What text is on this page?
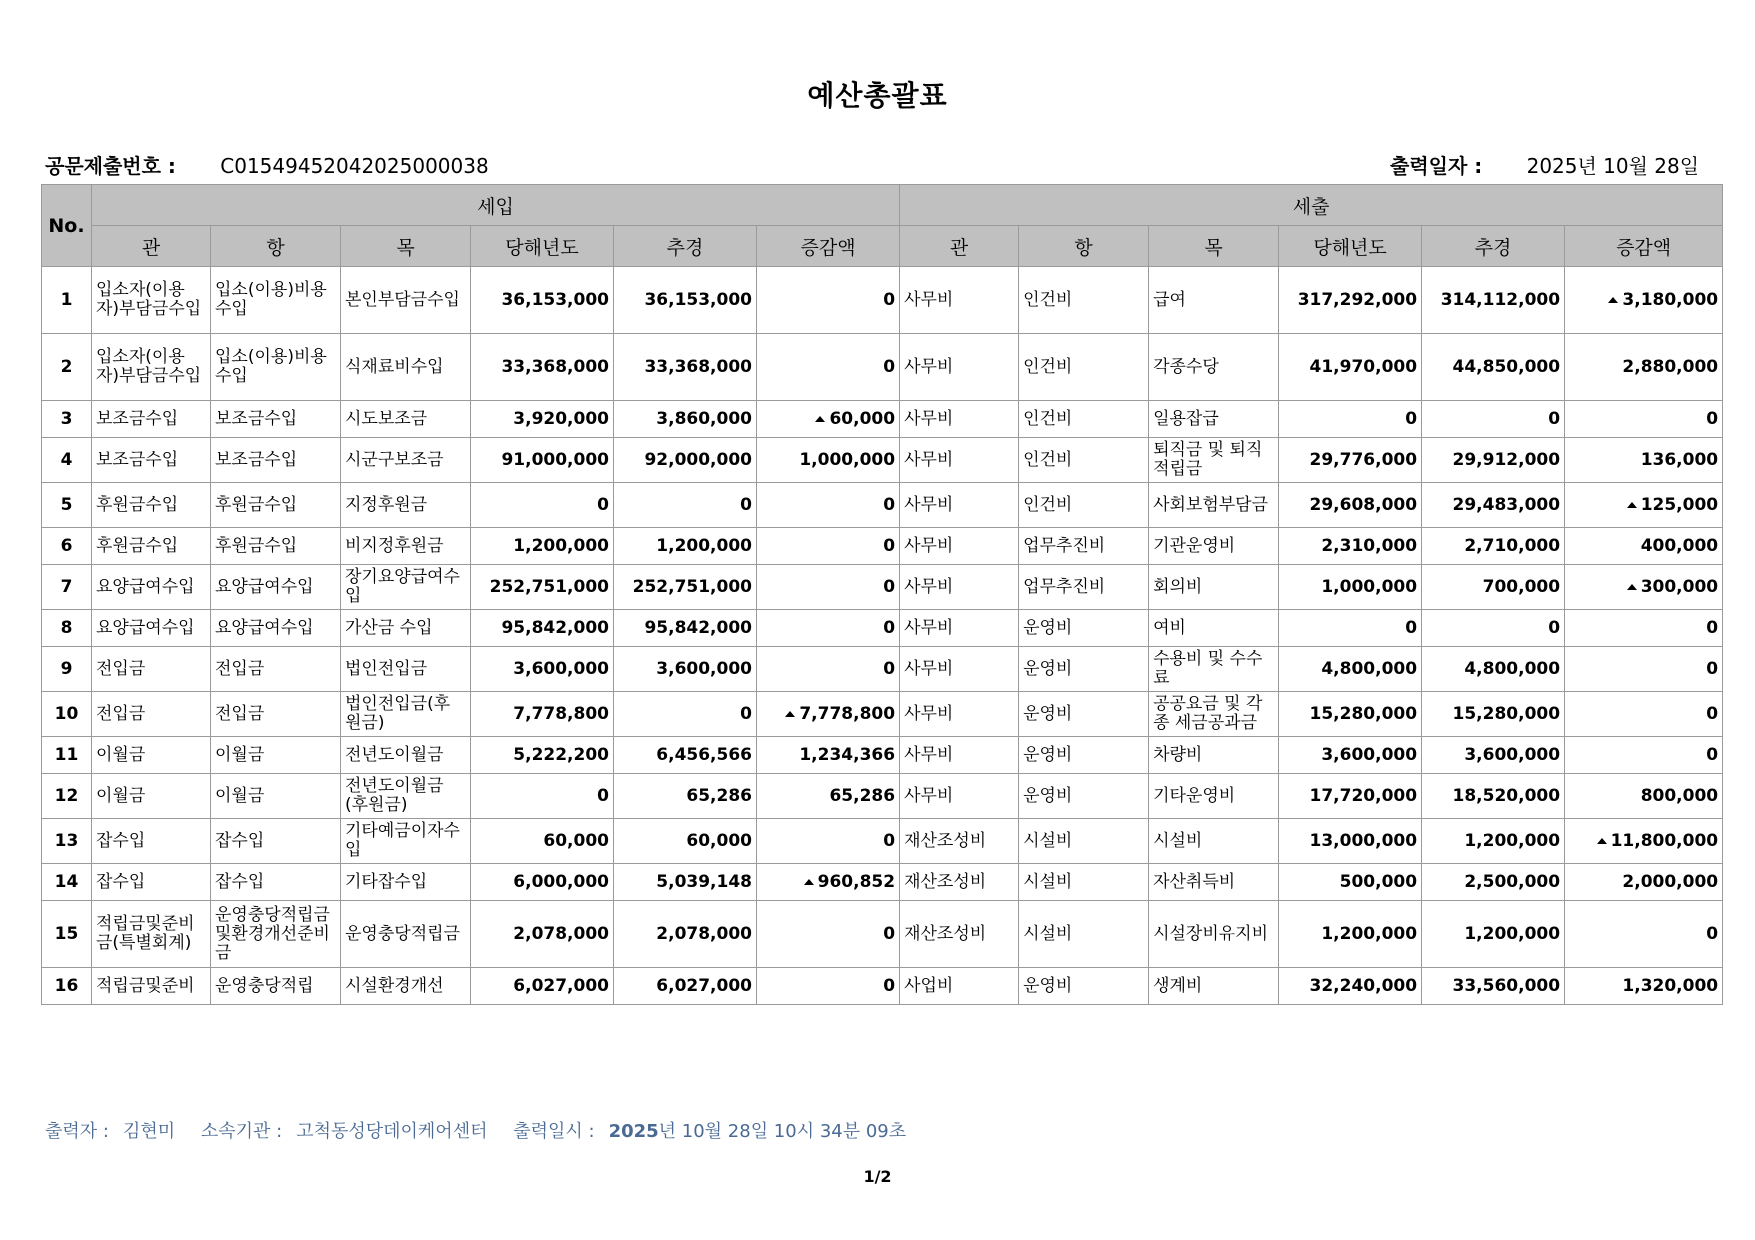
예산총괄표
공문제출번호 : C01549452042025000038	출력일자 : 2025년 10월 28일
No.	세입						세출					
	관	항	목	당해년도	추경	증감액	관	항	목	당해년도	추경	증감액
1	입소자(이용자)부담금수입	입소(이용)비용수입	본인부담금수입	36,153,000	36,153,000	0	사무비	인건비	급여	317,292,000	314,112,000	3,180,000
2	입소자(이용자)부담금수입	입소(이용)비용수입	식재료비수입	33,368,000	33,368,000	0	사무비	인건비	각종수당	41,970,000	44,850,000	2,880,000
3	보조금수입	보조금수입	시도보조금	3,920,000	3,860,000	60,000	사무비	인건비	일용잡급	0	0	0
4	보조금수입	보조금수입	시군구보조금	91,000,000	92,000,000	1,000,000	사무비	인건비	퇴직금 및 퇴직적립금	29,776,000	29,912,000	136,000
5	후원금수입	후원금수입	지정후원금	0	0	0	사무비	인건비	사회보험부담금	29,608,000	29,483,000	125,000
6	후원금수입	후원금수입	비지정후원금	1,200,000	1,200,000	0	사무비	업무추진비	기관운영비	2,310,000	2,710,000	400,000
7	요양급여수입	요양급여수입	장기요양급여수입	252,751,000	252,751,000	0	사무비	업무추진비	회의비	1,000,000	700,000	300,000
8	요양급여수입	요양급여수입	가산금 수입	95,842,000	95,842,000	0	사무비	운영비	여비	0	0	0
9	전입금	전입금	법인전입금	3,600,000	3,600,000	0	사무비	운영비	수용비 및 수수료	4,800,000	4,800,000	0
10	전입금	전입금	법인전입금(후원금)	7,778,800	0	7,778,800	사무비	운영비	공공요금 및 각종 세금공과금	15,280,000	15,280,000	0
11	이월금	이월금	전년도이월금	5,222,200	6,456,566	1,234,366	사무비	운영비	차량비	3,600,000	3,600,000	0
12	이월금	이월금	전년도이월금(후원금)	0	65,286	65,286	사무비	운영비	기타운영비	17,720,000	18,520,000	800,000
13	잡수입	잡수입	기타예금이자수입	60,000	60,000	0	재산조성비	시설비	시설비	13,000,000	1,200,000	11,800,000
14	잡수입	잡수입	기타잡수입	6,000,000	5,039,148	960,852	재산조성비	시설비	자산취득비	500,000	2,500,000	2,000,000
15	적립금및준비금(특별회계)	운영충당적립금및환경개선준비금	운영충당적립금	2,078,000	2,078,000	0	재산조성비	시설비	시설장비유지비	1,200,000	1,200,000	0
16	적립금및준비	운영충당적립	시설환경개선	6,027,000	6,027,000	0	사업비	운영비	생계비	32,240,000	33,560,000	1,320,000
출력자 : 김현미 소속기관 : 고척동성당데이케어센터 출력일시 : 2025년 10월 28일 10시 34분 09초
1/2
